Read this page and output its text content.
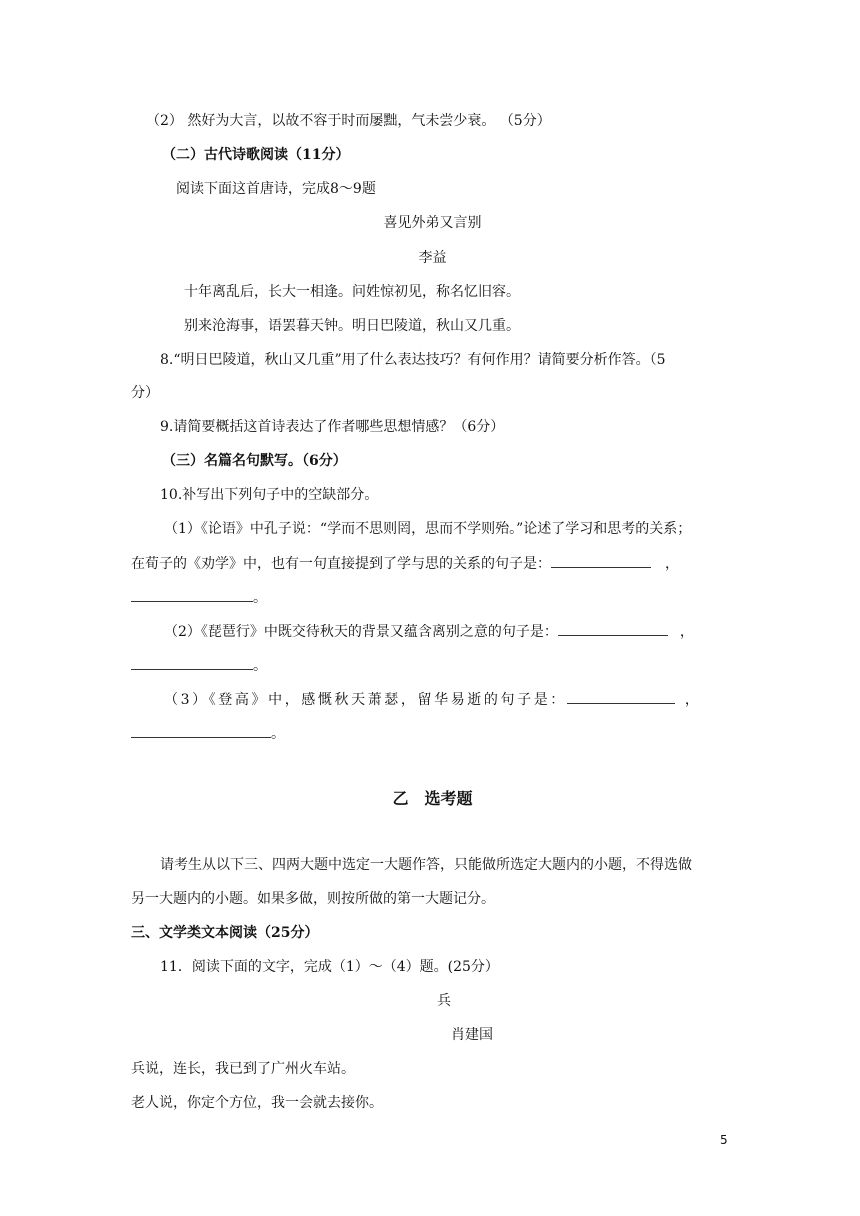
（2） 然好为大言，以故不容于时而屡黜，气未尝少衰。 （5分）
（二）古代诗歌阅读（11分）
阅读下面这首唐诗，完成8～9题
喜见外弟又言别
李益
十年离乱后，长大一相逢。问姓惊初见，称名忆旧容。
别来沧海事，语罢暮天钟。明日巴陵道，秋山又几重。
8.“明日巴陵道，秋山又几重”用了什么表达技巧？有何作用？请简要分析作答。（5
分）
9.请简要概括这首诗表达了作者哪些思想情感？（6分）
（三）名篇名句默写。（6分）
10.补写出下列句子中的空缺部分。
（1）《论语》中孔子说：“学而不思则罔，思而不学则殆。”论述了学习和思考的关系；
在荀子的《劝学》中，也有一句直接提到了学与思的关系的句子是：	，
。
（2）《琵琶行》中既交待秋天的背景又蕴含离别之意的句子是：	，
。
（3）《登高》中，感慨秋天萧瑟，留华易逝的句子是：	，
。
乙　选考题
请考生从以下三、四两大题中选定一大题作答，只能做所选定大题内的小题，不得选做
另一大题内的小题。如果多做，则按所做的第一大题记分。
三、文学类文本阅读（25分）
11．阅读下面的文字，完成（1）～（4）题。(25分）
兵
肖建国
兵说，连长，我已到了广州火车站。
老人说，你定个方位，我一会就去接你。
5
